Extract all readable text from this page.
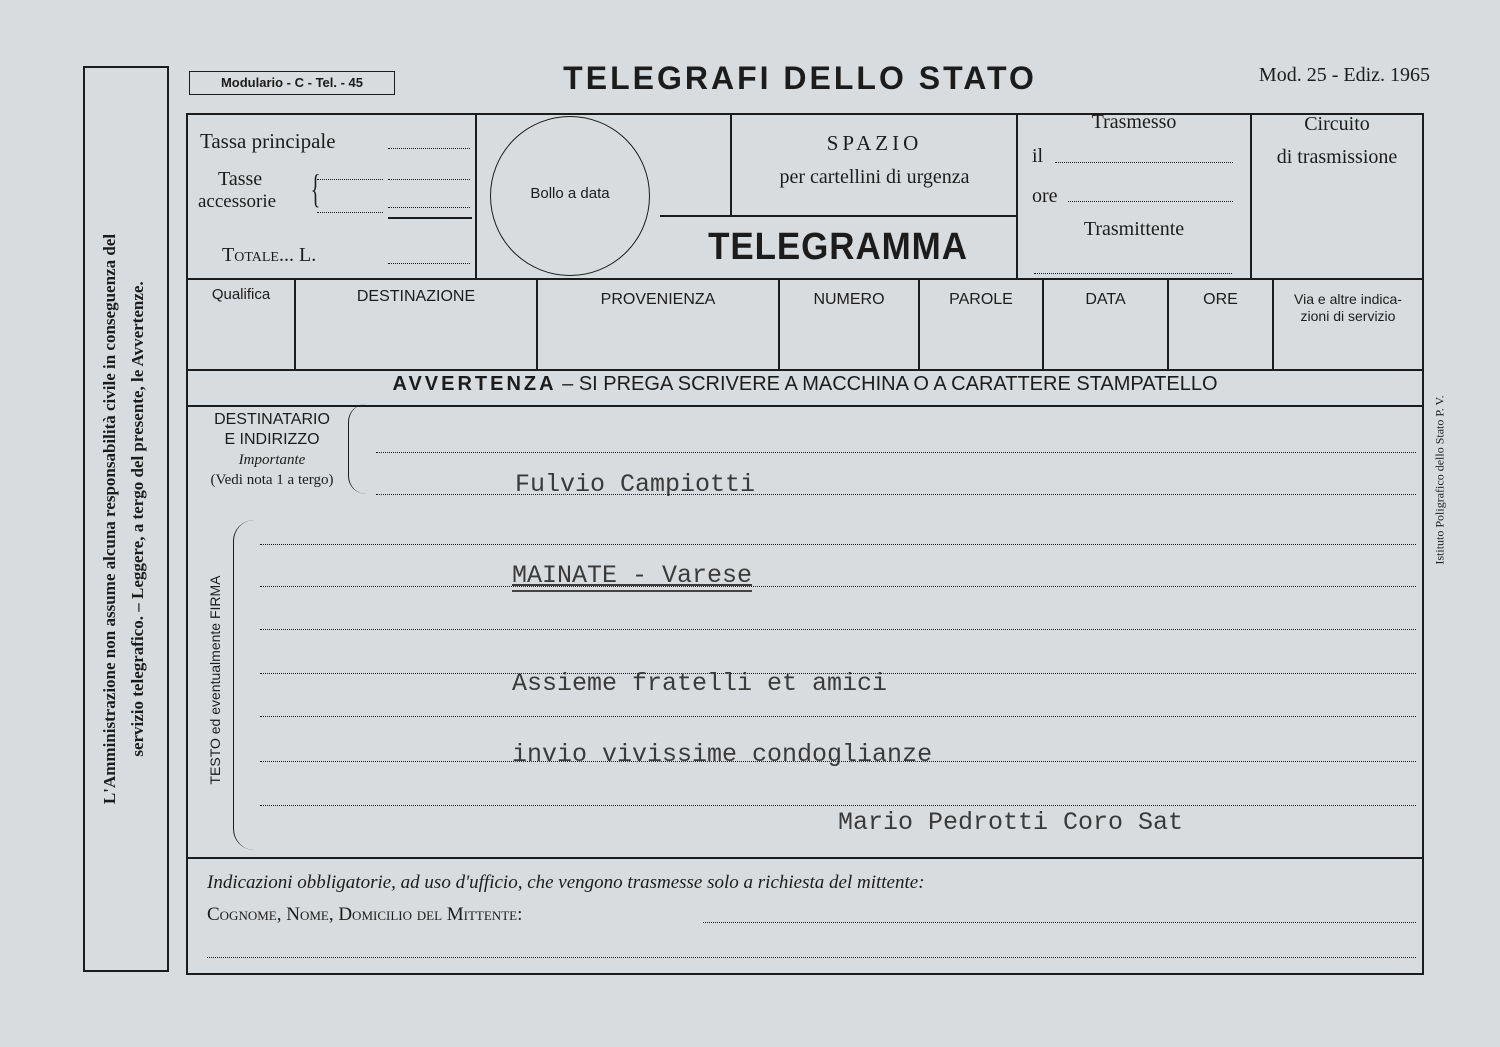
L'Amministrazione non assume alcuna responsabilità civile in conseguenza del servizio telegrafico. – Leggere, a tergo del presente, le Avvertenze.	Istituto Poligrafico dello Stato P. V.
Modulario - C - Tel. - 45	TELEGRAFI DELLO STATO	Mod. 25 - Ediz. 1965
Tassa principale
Tasse
accessorie {
Totale... L.
Bollo a data
SPAZIO
per cartellini di urgenza
TELEGRAMMA
Trasmesso
il
ore
Trasmittente
Circuito
di trasmissione
Qualifica	DESTINAZIONE	PROVENIENZA	NUMERO	PAROLE	DATA	ORE	Via e altre indica-
zioni di servizio
AVVERTENZA – SI PREGA SCRIVERE A MACCHINA O A CARATTERE STAMPATELLO
DESTINATARIO
E INDIRIZZO
Importante
(Vedi nota 1 a tergo)	Fulvio Campiotti
TESTO ed eventualmente FIRMA	MAINATE - Varese
Assieme fratelli et amici
invio vivissime condoglianze
Mario Pedrotti Coro Sat
Indicazioni obbligatorie, ad uso d'ufficio, che vengono trasmesse solo a richiesta del mittente:
Cognome, Nome, Domicilio del Mittente:
